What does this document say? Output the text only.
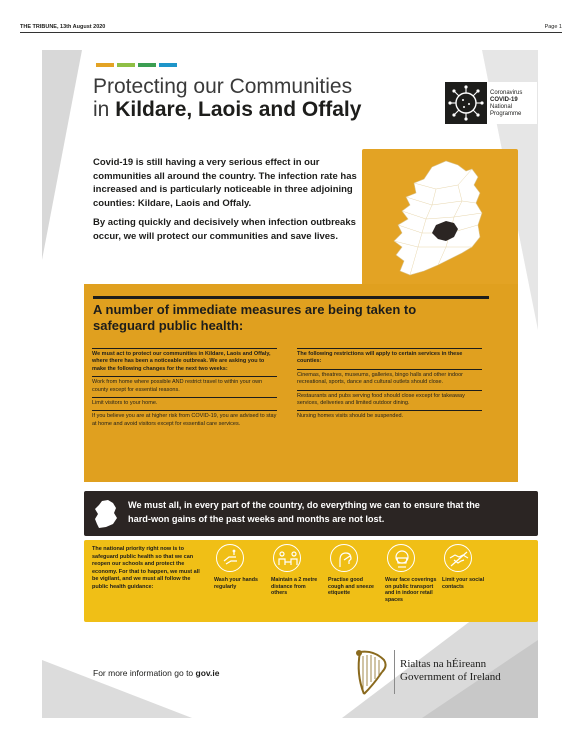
THE TRIBUNE, 13th August 2020	Page 1
Protecting our Communities
in Kildare, Laois and Offaly
Coronavirus
COVID-19
National
Programme

Covid-19 is still having a very serious effect in our communities all around the country. The infection rate has increased and is particularly noticeable in three adjoining counties: Kildare, Laois and Offaly.

By acting quickly and decisively when infection outbreaks occur, we will protect our communities and save lives.

A number of immediate measures are being taken to safeguard public health:
We must act to protect our communities in Kildare, Laois and Offaly, where there has been a noticeable outbreak. We are asking you to make the following changes for the next two weeks:
Work from home where possible AND restrict travel to within your own county except for essential reasons.
Limit visitors to your home.
If you believe you are at higher risk from COVID-19, you are advised to stay at home and avoid visitors except for essential care services.
The following restrictions will apply to certain services in these counties:
Cinemas, theatres, museums, galleries, bingo halls and other indoor recreational, sports, dance and cultural outlets should close.
Restaurants and pubs serving food should close except for takeaway services, deliveries and limited outdoor dining.
Nursing homes visits should be suspended.
We must all, in every part of the country, do everything we can to ensure that the hard-won gains of the past weeks and months are not lost.
The national priority right now is to safeguard public health so that we can reopen our schools and protect the economy. For that to happen, we must all be vigilant, and we must all follow the public health guidance:
Wash your hands regularly
Maintain a 2 metre distance from others
Practise good cough and sneeze etiquette
Wear face coverings on public transport and in indoor retail spaces
Limit your social contacts
For more information go to gov.ie
Rialtas na hÉireann
Government of Ireland
